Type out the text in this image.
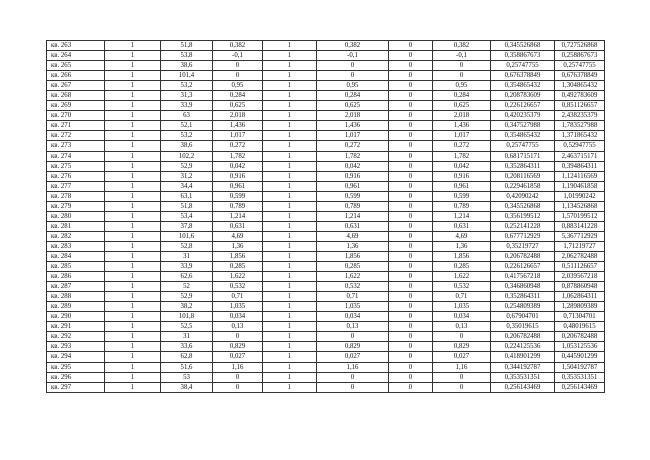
кв. 263	1	51,8	0,382	1	0,382	0	0,382	0,345526868	0,727526868
кв. 264	1	53,8	-0,1	1	-0,1	0	-0,1	0,358867673	0,258867673
кв. 265	1	38,6	0	1	0	0	0	0,25747755	0,25747755
кв. 266	1	101,4	0	1	0	0	0	0,676378849	0,676378849
кв. 267	1	53,2	0,95	1	0,95	0	0,95	0,354865432	1,304865432
кв. 268	1	31,3	0,284	1	0,284	0	0,284	0,208783609	0,492783609
кв. 269	1	33,9	0,625	1	0,625	0	0,625	0,226126657	0,851126657
кв. 270	1	63	2,018	1	2,018	0	2,018	0,420235379	2,438235379
кв. 271	1	52,1	1,436	1	1,436	0	1,436	0,347527988	1,783527988
кв. 272	1	53,2	1,017	1	1,017	0	1,017	0,354865432	1,371865432
кв. 273	1	38,6	0,272	1	0,272	0	0,272	0,25747755	0,52947755
кв. 274	1	102,2	1,782	1	1,782	0	1,782	0,681715171	2,463715171
кв. 275	1	52,9	0,042	1	0,042	0	0,042	0,352864311	0,394864311
кв. 276	1	31,2	0,916	1	0,916	0	0,916	0,208116569	1,124116569
кв. 277	1	34,4	0,961	1	0,961	0	0,961	0,229461858	1,190461858
кв. 278	1	63,1	0,599	1	0,599	0	0,599	0,42090242	1,01990242
кв. 279	1	51,8	0,789	1	0,789	0	0,789	0,345526868	1,134526868
кв. 280	1	53,4	1,214	1	1,214	0	1,214	0,356199512	1,570199512
кв. 281	1	37,8	0,631	1	0,631	0	0,631	0,252141228	0,883141228
кв. 282	1	101,6	4,69	1	4,69	0	4,69	0,677712929	5,367712929
кв. 283	1	52,8	1,36	1	1,36	0	1,36	0,35219727	1,71219727
кв. 284	1	31	1,856	1	1,856	0	1,856	0,206782488	2,062782488
кв. 285	1	33,9	0,285	1	0,285	0	0,285	0,226126657	0,511126657
кв. 286	1	62,6	1,622	1	1,622	0	1,622	0,417567218	2,039567218
кв. 287	1	52	0,532	1	0,532	0	0,532	0,346860948	0,878860948
кв. 288	1	52,9	0,71	1	0,71	0	0,71	0,352864311	1,062864311
кв. 289	1	38,2	1,035	1	1,035	0	1,035	0,254809389	1,289809389
кв. 290	1	101,8	0,034	1	0,034	0	0,034	0,67904701	0,71304701
кв. 291	1	52,5	0,13	1	0,13	0	0,13	0,35019615	0,48019615
кв. 292	1	31	0	1	0	0	0	0,206782488	0,206782488
кв. 293	1	33,6	0,829	1	0,829	0	0,829	0,224125536	1,053125536
кв. 294	1	62,8	0,027	1	0,027	0	0,027	0,418901299	0,445901299
кв. 295	1	51,6	1,16	1	1,16	0	1,16	0,344192787	1,504192787
кв. 296	1	53	0	1	0	0	0	0,353531351	0,353531351
кв. 297	1	38,4	0	1	0	0	0	0,256143469	0,256143469
